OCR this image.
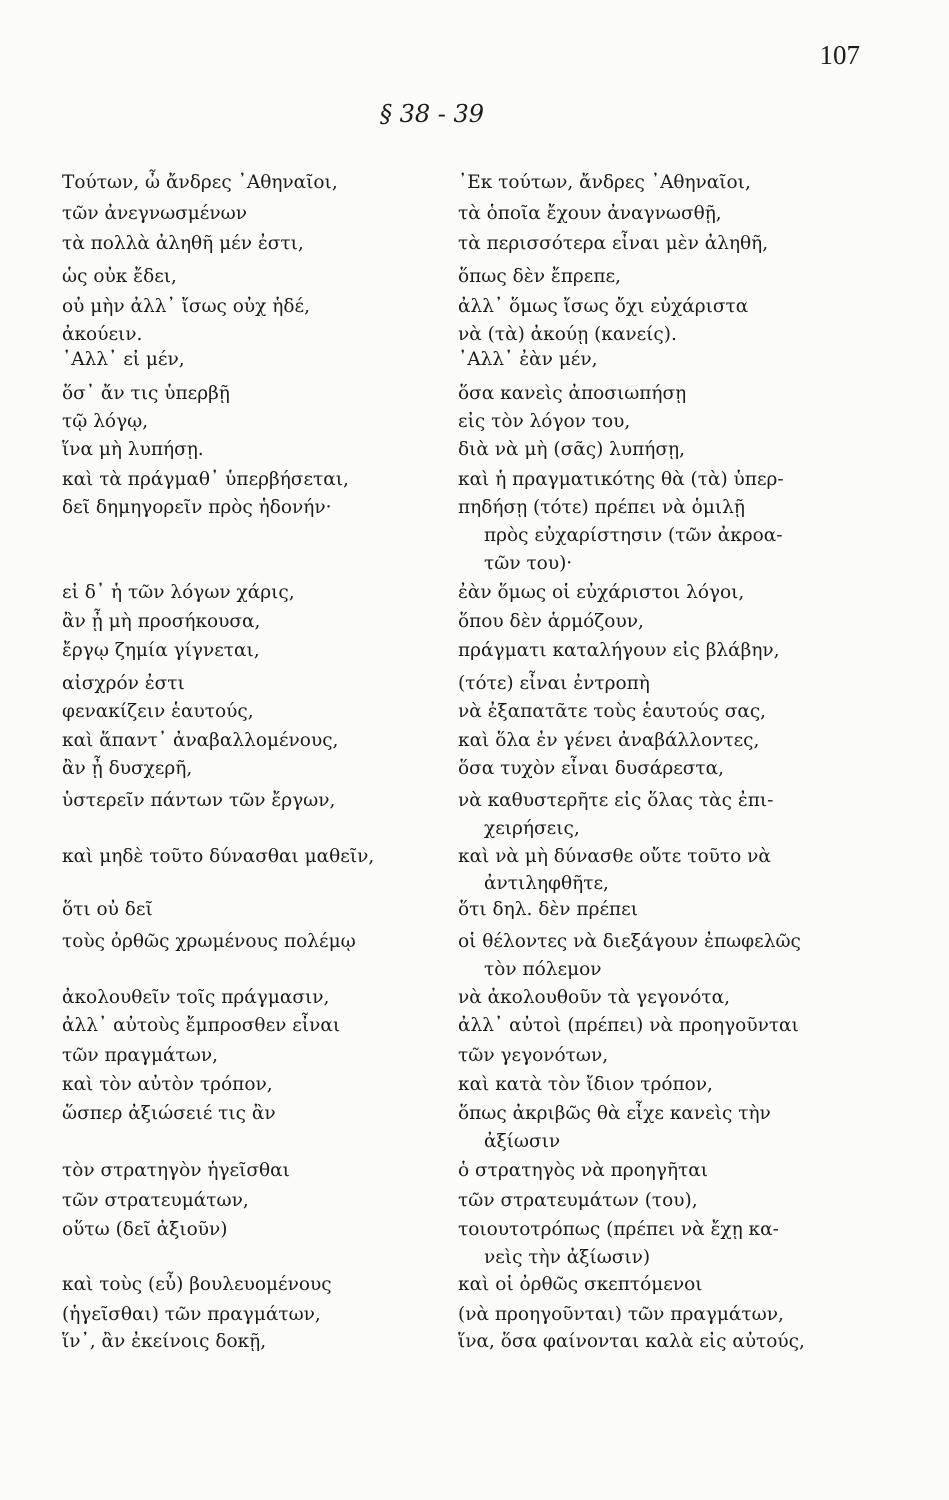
107
§ 38 - 39
Τούτων, ὦ ἄνδρες ᾿Αθηναῖοι,
τῶν ἀνεγνωσμένων
τὰ πολλὰ ἀληθῆ μέν ἐστι,
ὡς οὐκ ἔδει,
οὐ μὴν ἀλλ᾿ ἴσως οὐχ ἡδέ,
ἀκούειν.
᾿Αλλ᾿ εἰ μέν,
ὅσ᾿ ἄν τις ὑπερβῇ
τῷ λόγῳ,
ἵνα μὴ λυπήσῃ.
καὶ τὰ πράγμαθ᾿ ὑπερβήσεται,
δεῖ δημηγορεῖν πρὸς ἡδονήν·
εἰ δ᾿ ἡ τῶν λόγων χάρις,
ἂν ᾖ μὴ προσήκουσα,
ἔργῳ ζημία γίγνεται,
αἰσχρόν ἐστι
φενακίζειν ἑαυτούς,
καὶ ἅπαντ᾿ ἀναβαλλομένους,
ἂν ᾖ δυσχερῆ,
ὑστερεῖν πάντων τῶν ἔργων,
καὶ μηδὲ τοῦτο δύνασθαι μαθεῖν,
ὅτι οὐ δεῖ
τοὺς ὀρθῶς χρωμένους πολέμῳ
ἀκολουθεῖν τοῖς πράγμασιν,
ἀλλ᾿ αὐτοὺς ἔμπροσθεν εἶναι
τῶν πραγμάτων,
καὶ τὸν αὐτὸν τρόπον,
ὥσπερ ἀξιώσειέ τις ἂν
τὸν στρατηγὸν ἡγεῖσθαι
τῶν στρατευμάτων,
οὕτω (δεῖ ἀξιοῦν)
καὶ τοὺς (εὖ) βουλευομένους
(ἡγεῖσθαι) τῶν πραγμάτων,
ἵν᾿, ἂν ἐκείνοις δοκῇ,
᾿Εκ τούτων, ἄνδρες ᾿Αθηναῖοι,
τὰ ὁποῖα ἔχουν ἀναγνωσθῇ,
τὰ περισσότερα εἶναι μὲν ἀληθῆ,
ὅπως δὲν ἔπρεπε,
ἀλλ᾿ ὅμως ἴσως ὄχι εὐχάριστα
νὰ (τὰ) ἀκούῃ (κανείς).
᾿Αλλ᾿ ἐὰν μέν,
ὅσα κανεὶς ἀποσιωπήσῃ
εἰς τὸν λόγον του,
διὰ νὰ μὴ (σᾶς) λυπήσῃ,
καὶ ἡ πραγματικότης θὰ (τὰ) ὑπερ-
πηδήσῃ (τότε) πρέπει νὰ ὁμιλῇ
πρὸς εὐχαρίστησιν (τῶν ἀκροα-
τῶν του)·
ἐὰν ὅμως οἱ εὐχάριστοι λόγοι,
ὅπου δὲν ἁρμόζουν,
πράγματι καταλήγουν εἰς βλάβην,
(τότε) εἶναι ἐντροπὴ
νὰ ἐξαπατᾶτε τοὺς ἑαυτούς σας,
καὶ ὅλα ἐν γένει ἀναβάλλοντες,
ὅσα τυχὸν εἶναι δυσάρεστα,
νὰ καθυστερῆτε εἰς ὅλας τὰς ἐπι-
χειρήσεις,
καὶ νὰ μὴ δύνασθε οὔτε τοῦτο νὰ
ἀντιληφθῆτε,
ὅτι δηλ. δὲν πρέπει
οἱ θέλοντες νὰ διεξάγουν ἐπωφελῶς
τὸν πόλεμον
νὰ ἀκολουθοῦν τὰ γεγονότα,
ἀλλ᾿ αὐτοὶ (πρέπει) νὰ προηγοῦνται
τῶν γεγονότων,
καὶ κατὰ τὸν ἴδιον τρόπον,
ὅπως ἀκριβῶς θὰ εἶχε κανεὶς τὴν
ἀξίωσιν
ὁ στρατηγὸς νὰ προηγῆται
τῶν στρατευμάτων (του),
τοιουτοτρόπως (πρέπει νὰ ἔχῃ κα-
νεὶς τὴν ἀξίωσιν)
καὶ οἱ ὀρθῶς σκεπτόμενοι
(νὰ προηγοῦνται) τῶν πραγμάτων,
ἵνα, ὅσα φαίνονται καλὰ εἰς αὐτούς,
